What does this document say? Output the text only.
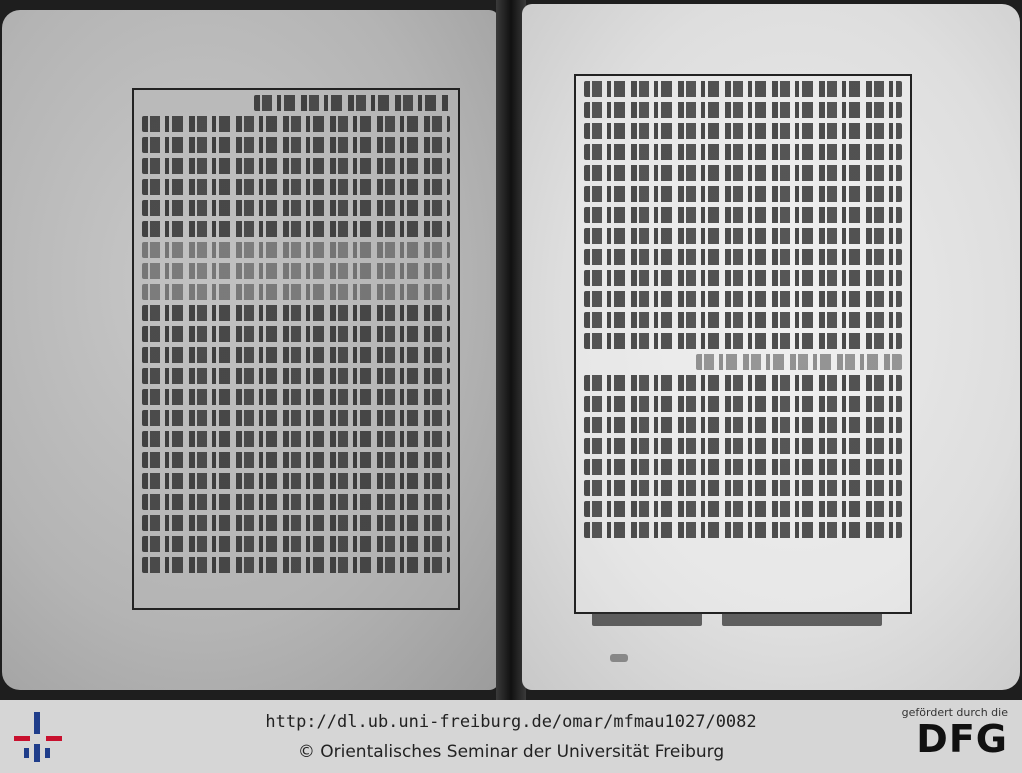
http://dl.ub.uni-freiburg.de/omar/mfmau1027/0082
© Orientalisches Seminar der Universität Freiburg
gefördert durch die
DFG
